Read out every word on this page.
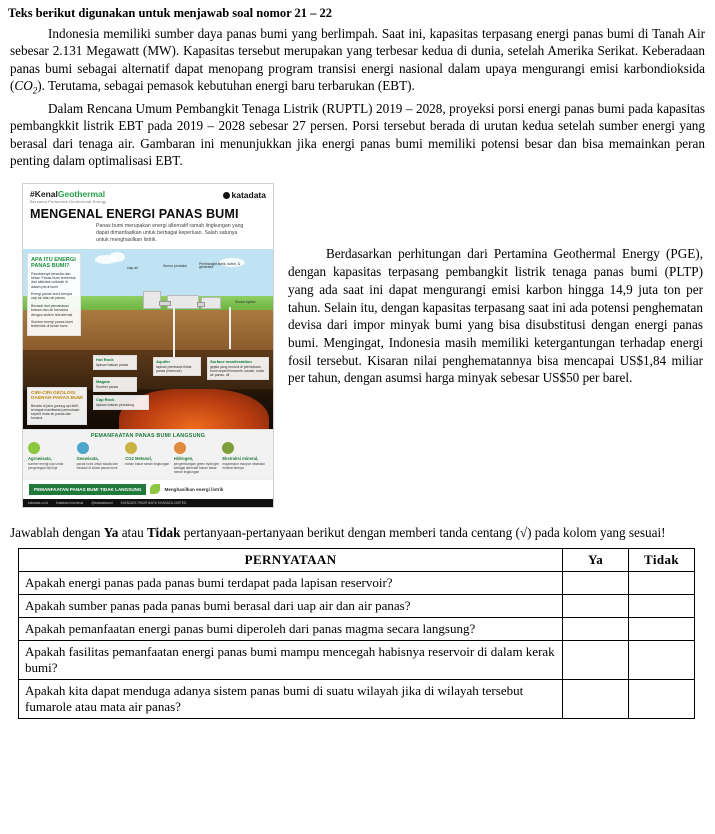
Teks berikut digunakan untuk menjawab soal nomor 21 – 22

Indonesia memiliki sumber daya panas bumi yang berlimpah. Saat ini, kapasitas terpasang energi panas bumi di Tanah Air sebesar 2.131 Megawatt (MW). Kapasitas tersebut merupakan yang terbesar kedua di dunia, setelah Amerika Serikat. Keberadaan panas bumi sebagai alternatif dapat menopang program transisi energi nasional dalam upaya mengurangi emisi karbondioksida $(CO_2)$. Terutama, sebagai pemasok kebutuhan energi baru terbarukan (EBT).

Dalam Rencana Umum Pembangkit Tenaga Listrik (RUPTL) 2019 – 2028, proyeksi porsi energi panas bumi pada kapasitas pembangkkit listrik EBT pada 2019 – 2028 sebesar 27 persen. Porsi tersebut berada di urutan kedua setelah sumber energi yang berasal dari tenaga air. Gambaran ini menunjukkan jika energi panas bumi memiliki potensi besar dan bisa memainkan peran penting dalam optimalisasi EBT.

#KenalGeothermal
Bersama Pertamina Geothermal Energy
katadata
MENGENAL ENERGI PANAS BUMI
Panas bumi merupakan energi alternatif ramah lingkungan yang dapat dimanfaatkan untuk berbagai keperluan. Salah satunya untuk menghasilkan listrik.
APA ITU ENERGI PANAS BUMI?

Pasokannya tersedia dan besar. Panas bumi terbentuk dari aktivitas vulkanik di dalam perut bumi

Energi panas bumi berupa uap air atau air panas

Berasal dari pemanasan batuan dan air bersama dengan sistem hidrotermal

Sumber energi panas bumi terbentuk di kerak bumi

Uap air	Sumur produksi	Pembangkit listrik, turbin, & generator
Sumur injeksi
Hot Rock
lapisan batuan panas
Magma
Sumber panas
Cap Rock
lapisan batuan penudung
Aquifer
lapisan pembawa fluida panas (reservoir)
Surface manifestation
gejala yang muncul di permukaan bumi seperti fumarole, kawah, mata air panas, dll
CIRI-CIRI GEOLOGI DAERAH PANAS BUMI

Berada di jalur gunung api aktif, terdapat manifestasi permukaan seperti mata air panas dan fumarol

PEMANFAATAN PANAS BUMI LANGSUNG
Agrowisata,

sumber energi uap untuk pengeringan biji kopi

Geowisata,

panas bumi untuk wisata dan edukasi di lokasi panas bumi

CO2 Metanol,

bahan bakar ramah lingkungan

Hidrogen,

pengembangan green hydrogen sebagai alternatif bahan bakar ramah lingkungan

Ekstraksi mineral,

magnesium maupun ekstraksi mineral lainnya

PEMANFAATAN PANAS BUMI TIDAK LANGSUNG	Menghasilkan energi listrik
katadata.co.id	Katadata Indonesia	@katadatacoid	KATADATA TIMUR BARU KHANAZA LIMITED

Berdasarkan perhitungan dari Pertamina Geothermal Energy (PGE), dengan kapasitas terpasang pembangkit listrik tenaga panas bumi (PLTP) yang ada saat ini dapat mengurangi emisi karbon hingga 14,9 juta ton per tahun. Selain itu, dengan kapasitas terpasang saat ini ada potensi penghematan devisa dari impor minyak bumi yang bisa disubstitusi dengan energi panas bumi. Mengingat, Indonesia masih memiliki ketergantungan terhadap energi fosil tersebut. Kisaran nilai penghematannya bisa mencapai US$1,84 miliar per tahun, dengan asumsi harga minyak sebesar US$50 per barel.

Jawablah dengan Ya atau Tidak pertanyaan-pertanyaan berikut dengan memberi tanda centang (√) pada kolom yang sesuai!

PERNYATAAN	Ya	Tidak
Apakah energi panas pada panas bumi terdapat pada lapisan reservoir?		
Apakah sumber panas pada panas bumi berasal dari uap air dan air panas?		
Apakah pemanfaatan energi panas bumi diperoleh dari panas magma secara langsung?		
Apakah fasilitas pemanfaatan energi panas bumi mampu mencegah habisnya reservoir di dalam kerak bumi?		
Apakah kita dapat menduga adanya sistem panas bumi di suatu wilayah jika di wilayah tersebut fumarole atau mata air panas?		
